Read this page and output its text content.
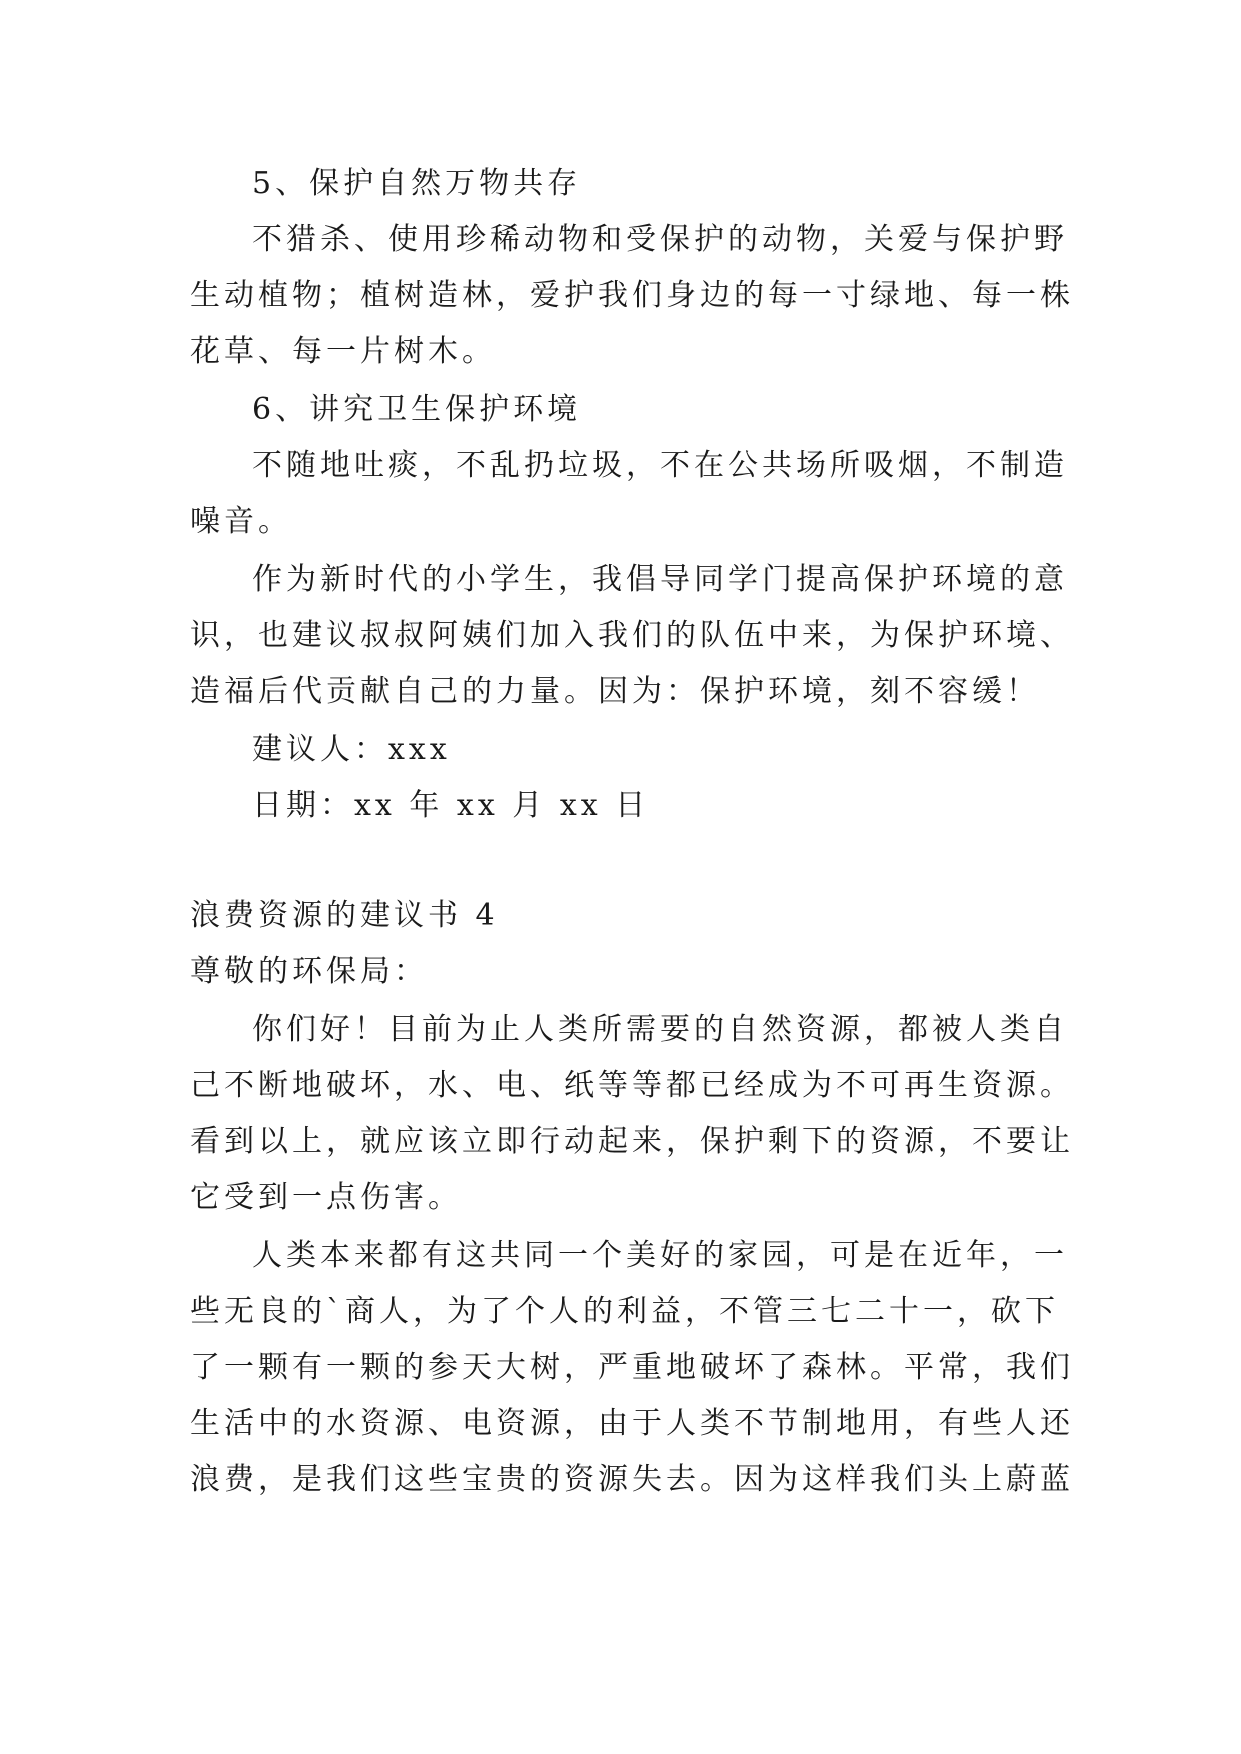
5、保护自然万物共存
不猎杀、使用珍稀动物和受保护的动物，关爱与保护野
生动植物；植树造林，爱护我们身边的每一寸绿地、每一株
花草、每一片树木。
6、讲究卫生保护环境
不随地吐痰，不乱扔垃圾，不在公共场所吸烟，不制造
噪音。
作为新时代的小学生，我倡导同学门提高保护环境的意
识，也建议叔叔阿姨们加入我们的队伍中来，为保护环境、
造福后代贡献自己的力量。因为：保护环境，刻不容缓！
建议人：xxx
日期：xx 年 xx 月 xx 日
浪费资源的建议书 4
尊敬的环保局：
你们好！目前为止人类所需要的自然资源，都被人类自
己不断地破坏，水、电、纸等等都已经成为不可再生资源。
看到以上，就应该立即行动起来，保护剩下的资源，不要让
它受到一点伤害。
人类本来都有这共同一个美好的家园，可是在近年，一
些无良的`商人，为了个人的利益，不管三七二十一，砍下
了一颗有一颗的参天大树，严重地破坏了森林。平常，我们
生活中的水资源、电资源，由于人类不节制地用，有些人还
浪费，是我们这些宝贵的资源失去。因为这样我们头上蔚蓝
